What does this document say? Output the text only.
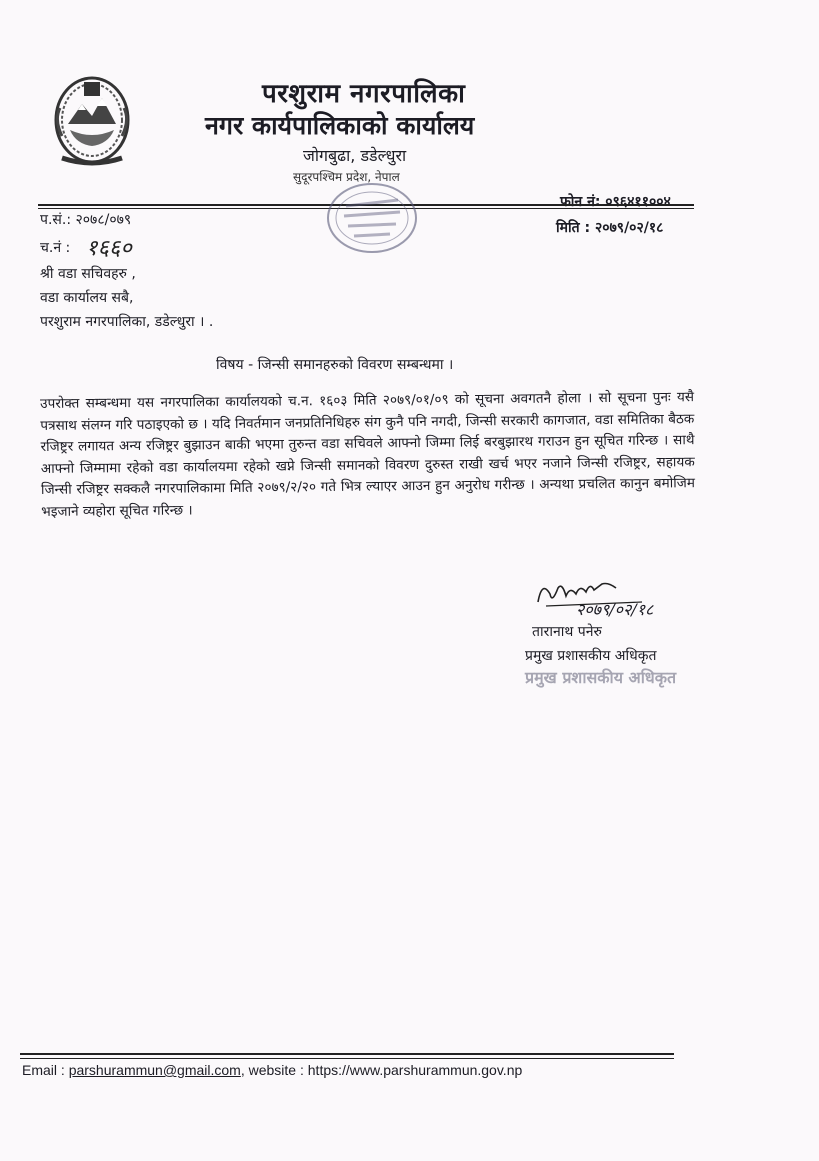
परशुराम नगरपालिका
नगर कार्यपालिकाको कार्यालय
जोगबुढा, डडेल्धुरा
सुदूरपश्चिम प्रदेश, नेपाल
फोन नं: ०९६४११००४
प.सं.: २०७८/०७९	मिति : २०७९/०२/१८
च.नं : १६६०
श्री वडा सचिवहरु ,
वडा कार्यालय सबै,
परशुराम नगरपालिका, डडेल्धुरा । .
विषय - जिन्सी समानहरुको विवरण सम्बन्धमा ।
उपरोक्त सम्बन्धमा यस नगरपालिका कार्यालयको च.न. १६०३ मिति २०७९/०१/०९ को सूचना अवगतनै होला । सो सूचना पुनः यसै पत्रसाथ संलग्न गरि पठाइएको छ । यदि निवर्तमान जनप्रतिनिधिहरु संग कुनै पनि नगदी, जिन्सी सरकारी कागजात, वडा समितिका बैठक रजिष्ट्रर लगायत अन्य रजिष्ट्रर बुझाउन बाकी भएमा तुरुन्त वडा सचिवले आफ्नो जिम्मा लिई बरबुझारथ गराउन हुन सूचित गरिन्छ । साथै आफ्नो जिम्मामा रहेको वडा कार्यालयमा रहेको खप्ने जिन्सी समानको विवरण दुरुस्त राखी खर्च भएर नजाने जिन्सी रजिष्ट्रर, सहायक जिन्सी रजिष्ट्रर सक्कलै नगरपालिकामा मिति २०७९/२/२० गते भित्र ल्याएर आउन हुन अनुरोध गरीन्छ । अन्यथा प्रचलित कानुन बमोजिम भइजाने व्यहोरा सूचित गरिन्छ ।
२०७९/०२/१८
तारानाथ पनेरु
प्रमुख प्रशासकीय अधिकृत
प्रमुख प्रशासकीय अधिकृत
Email : parshurammun@gmail.com, website : https://www.parshurammun.gov.np
